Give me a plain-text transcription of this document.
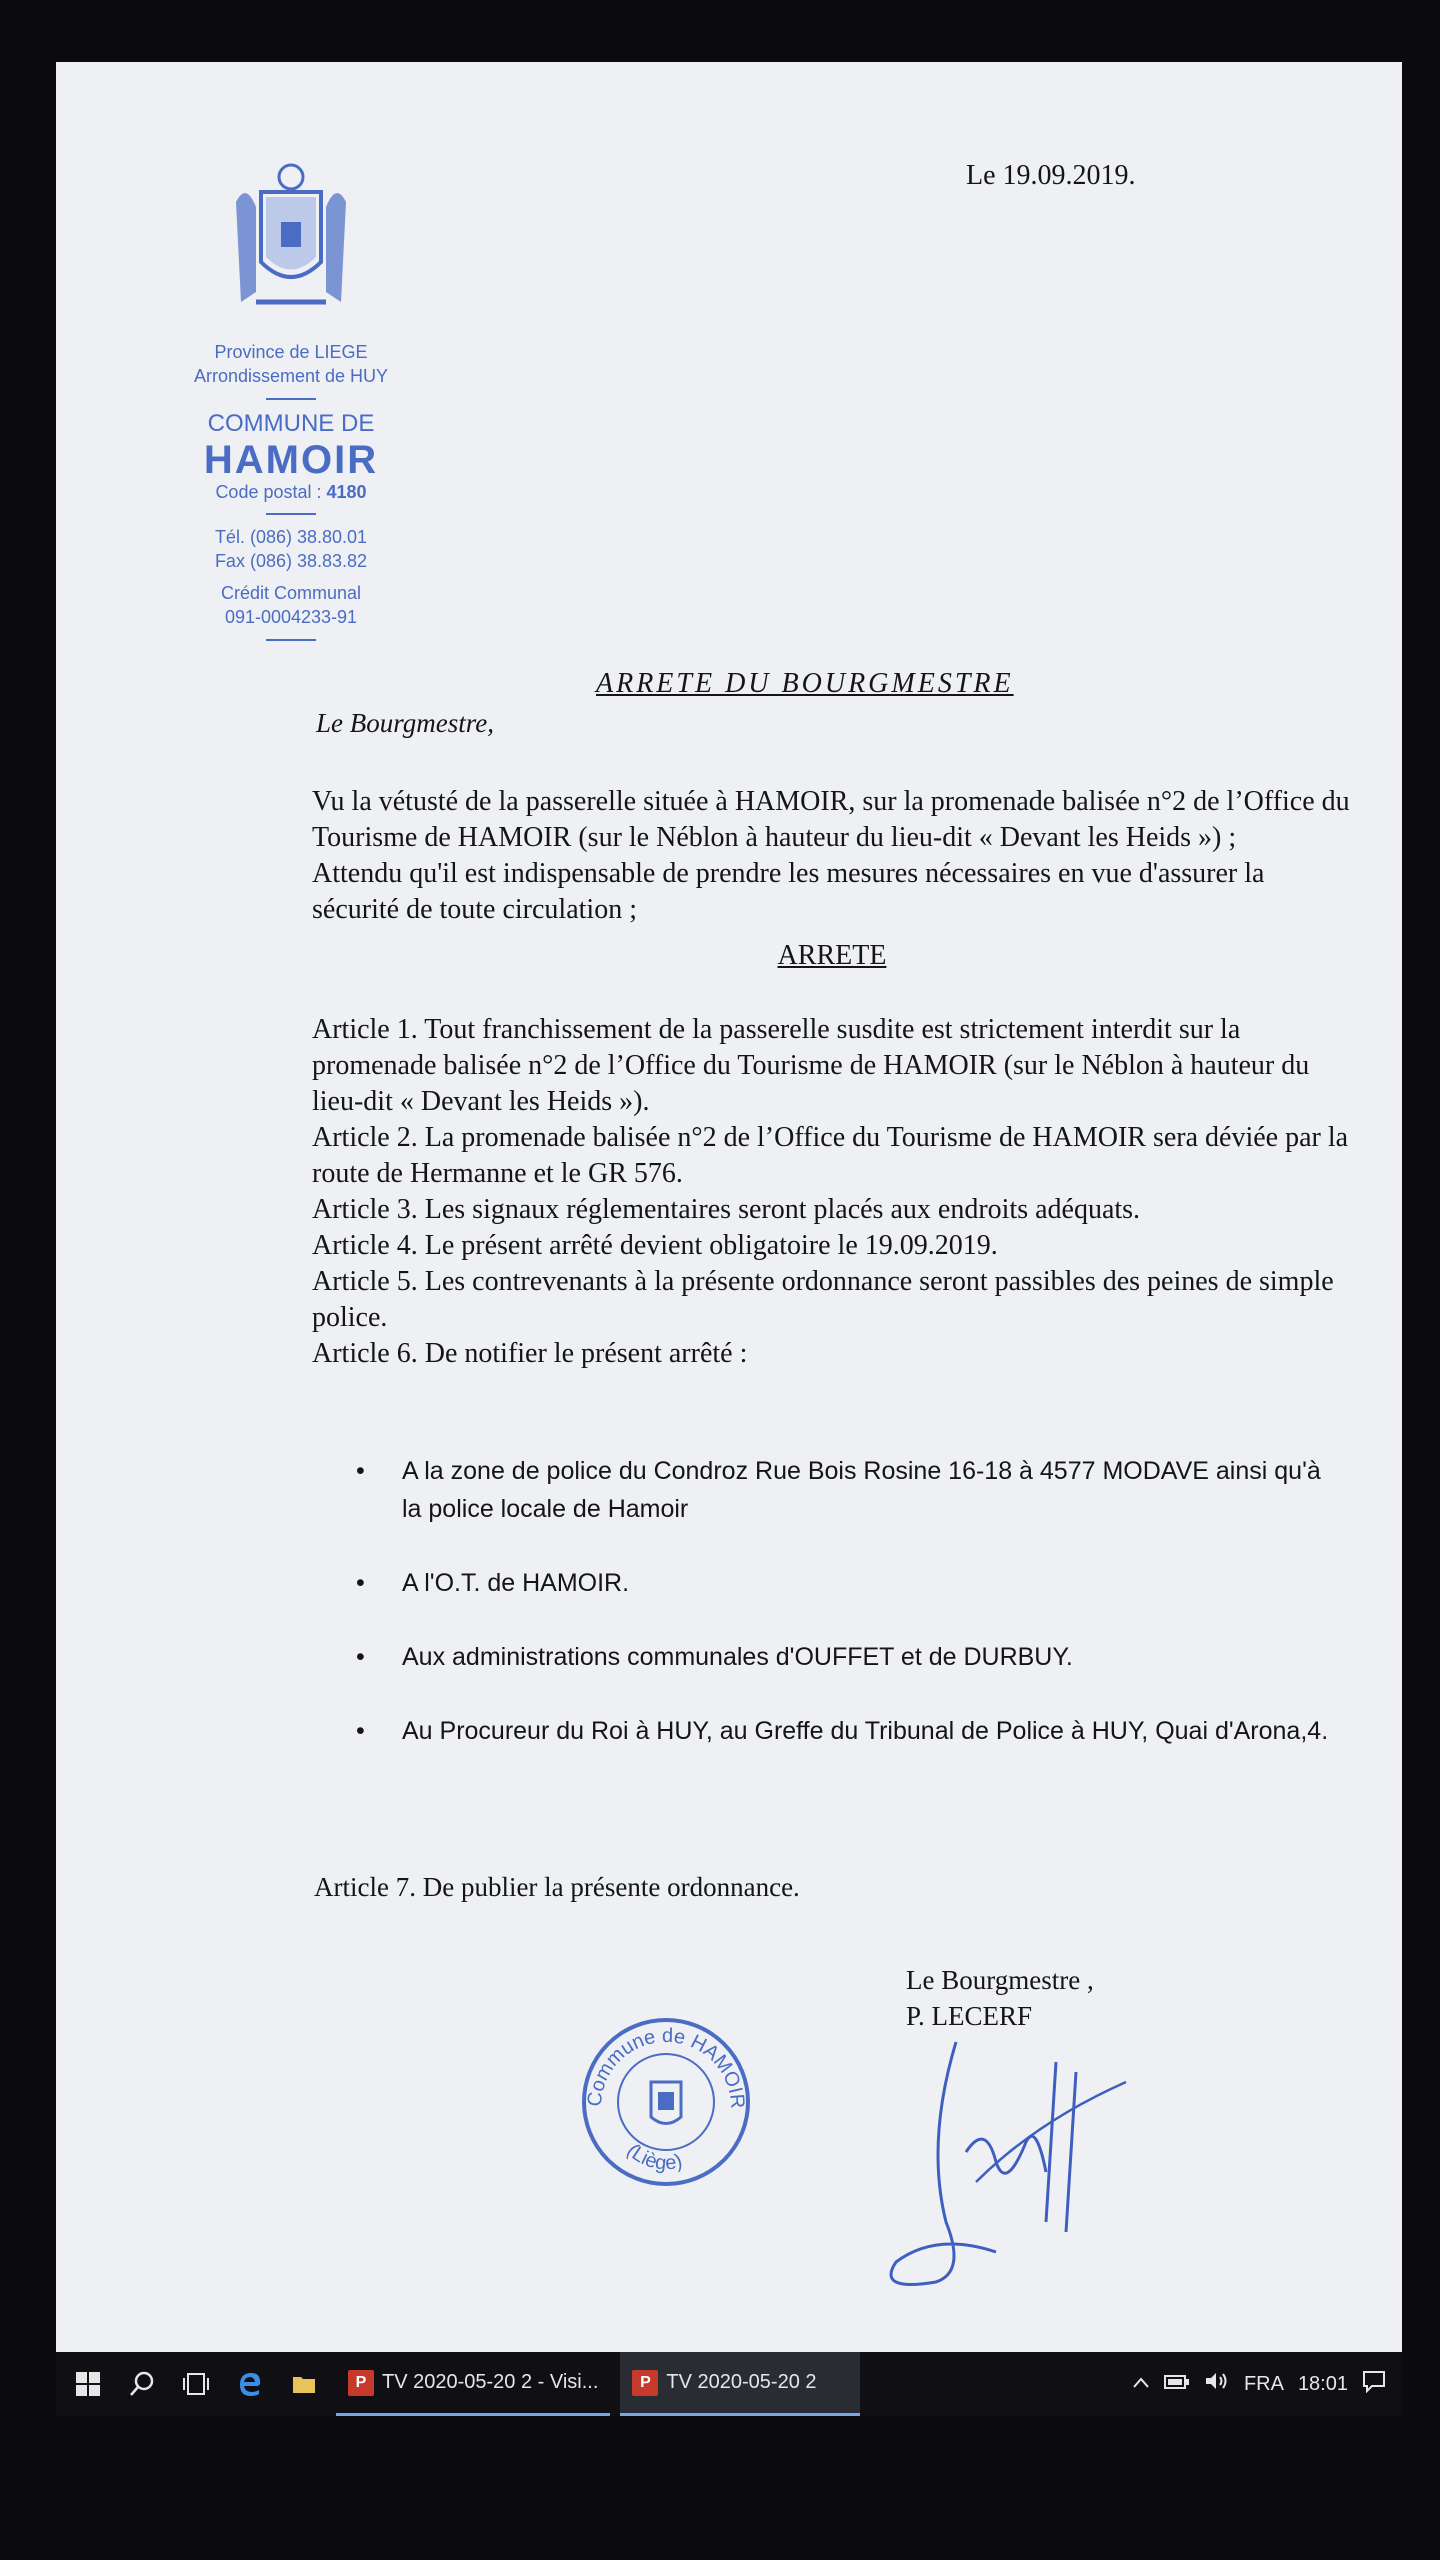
Province de LIEGE
Arrondissement de HUY
COMMUNE DE
HAMOIR
Code postal : 4180
Tél. (086) 38.80.01
Fax (086) 38.83.82
Crédit Communal
091-0004233-91
Le 19.09.2019.
ARRETE DU BOURGMESTRE
Le Bourgmestre,

Vu la vétusté de la passerelle située à HAMOIR, sur la promenade balisée n°2 de l’Office du Tourisme de HAMOIR (sur le Néblon à hauteur du lieu-dit « Devant les Heids ») ;

Attendu qu'il est indispensable de prendre les mesures nécessaires en vue d'assurer la sécurité de toute circulation ;

ARRETE

Article 1. Tout franchissement de la passerelle susdite est strictement interdit sur la promenade balisée n°2 de l’Office du Tourisme de HAMOIR (sur le Néblon à hauteur du lieu-dit « Devant les Heids »).

Article 2. La promenade balisée n°2 de l’Office du Tourisme de HAMOIR sera déviée par la route de Hermanne et le GR 576.

Article 3. Les signaux réglementaires seront placés aux endroits adéquats.

Article 4. Le présent arrêté devient obligatoire le 19.09.2019.

Article 5. Les contrevenants à la présente ordonnance seront passibles des peines de simple police.

Article 6. De notifier le présent arrêté :

• A la zone de police du Condroz Rue Bois Rosine 16-18 à 4577 MODAVE ainsi qu'à la police locale de Hamoir
• A l'O.T. de HAMOIR.
• Aux administrations communales d'OUFFET et de DURBUY.
• Au Procureur du Roi à HUY, au Greffe du Tribunal de Police à HUY, Quai d'Arona,4.
Article 7. De publier la présente ordonnance.
Le Bourgmestre ,
P. LECERF
Commune de HAMOIR
(Liège)
P TV 2020-05-20 2 - Visi...	P TV 2020-05-20 2	FRA 18:01
